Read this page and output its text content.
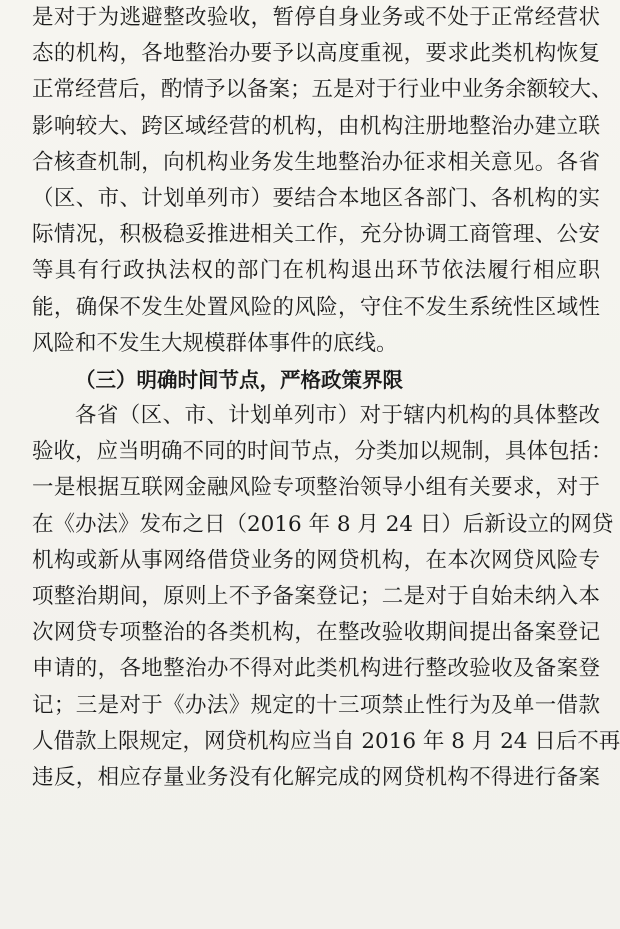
是对于为逃避整改验收，暂停自身业务或不处于正常经营状
态的机构，各地整治办要予以高度重视，要求此类机构恢复
正常经营后，酌情予以备案；五是对于行业中业务余额较大、
影响较大、跨区域经营的机构，由机构注册地整治办建立联
合核查机制，向机构业务发生地整治办征求相关意见。各省
（区、市、计划单列市）要结合本地区各部门、各机构的实
际情况，积极稳妥推进相关工作，充分协调工商管理、公安
等具有行政执法权的部门在机构退出环节依法履行相应职
能，确保不发生处置风险的风险，守住不发生系统性区域性
风险和不发生大规模群体事件的底线。
（三）明确时间节点，严格政策界限
各省（区、市、计划单列市）对于辖内机构的具体整改
验收，应当明确不同的时间节点，分类加以规制，具体包括：
一是根据互联网金融风险专项整治领导小组有关要求，对于
在《办法》发布之日（2016 年 8 月 24 日）后新设立的网贷
机构或新从事网络借贷业务的网贷机构，在本次网贷风险专
项整治期间，原则上不予备案登记；二是对于自始未纳入本
次网贷专项整治的各类机构，在整改验收期间提出备案登记
申请的，各地整治办不得对此类机构进行整改验收及备案登
记；三是对于《办法》规定的十三项禁止性行为及单一借款
人借款上限规定，网贷机构应当自 2016 年 8 月 24 日后不再
违反，相应存量业务没有化解完成的网贷机构不得进行备案
